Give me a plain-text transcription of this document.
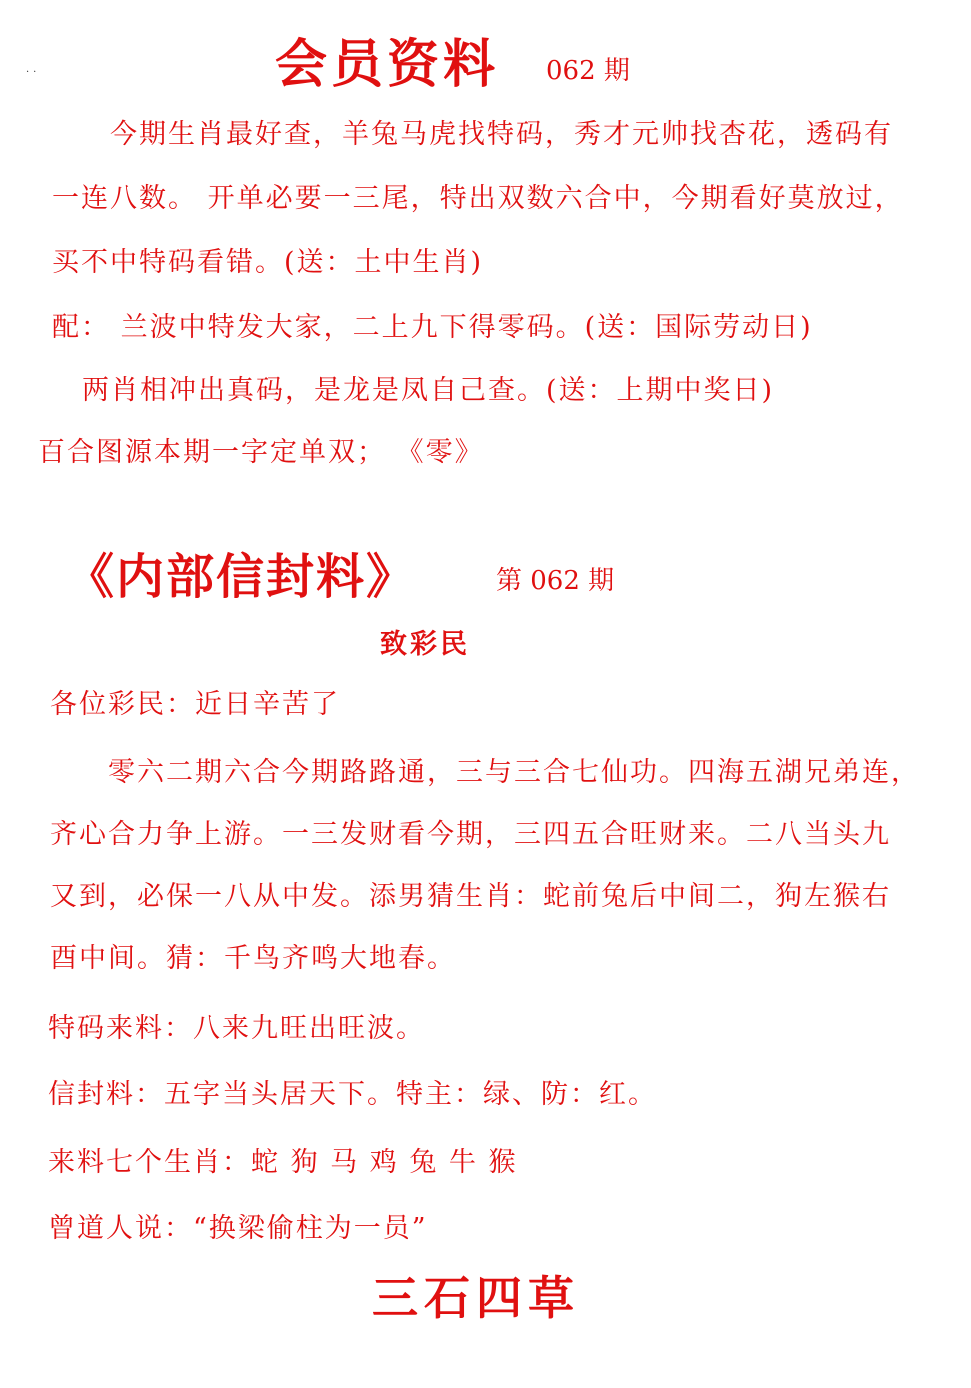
..	会员资料 062 期
今期生肖最好查，羊兔马虎找特码，秀才元帅找杏花，透码有
一连八数。 开单必要一三尾，特出双数六合中，今期看好莫放过，
买不中特码看错。(送：土中生肖)
配： 兰波中特发大家，二上九下得零码。(送：国际劳动日)
两肖相冲出真码，是龙是凤自己查。(送：上期中奖日)
百合图源本期一字定单双； 《零》
《内部信封料》	第 062 期
致彩民
各位彩民：近日辛苦了
零六二期六合今期路路通，三与三合七仙功。四海五湖兄弟连，
齐心合力争上游。一三发财看今期，三四五合旺财来。二八当头九
又到，必保一八从中发。添男猜生肖：蛇前兔后中间二，狗左猴右
酉中间。猜：千鸟齐鸣大地春。
特码来料：八来九旺出旺波。
信封料：五字当头居天下。特主：绿、防：红。
来料七个生肖：蛇 狗 马 鸡 兔 牛 猴
曾道人说：“换梁偷柱为一员”
三石四草
